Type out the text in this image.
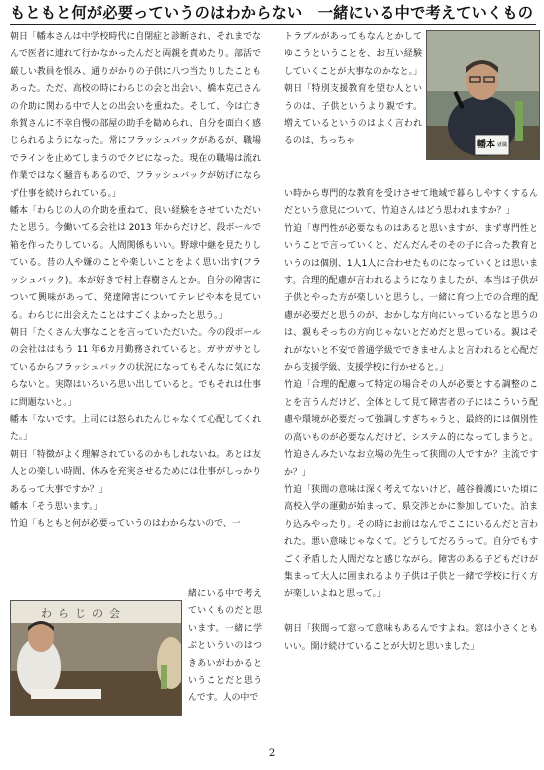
もともと何が必要っていうのはわからない　一緒にいる中で考えていくもの

朝日「幡本さんは中学校時代に自閉症と診断され、それまでなんで医者に連れて行かなかったんだと両親を責めたり。部活で厳しい教員を恨み、通りがかりの子供に八つ当たりしたこともあった。ただ、高校の時にわらじの会と出会い、橋本克己さんの介助に関わる中で人との出会いを重ねた。そして、今は亡き糸賀さんに不幸自慢の部屋の助手を勧められ、自分を面白く感じられるようになった。常にフラッシュバックがあるが、職場でラインを止めてしまうのでクビになった。現在の職場は流れ作業ではなく騒音もあるので、フラッシュバックが妨げにならず仕事を続けられている。」

幡本「わらじの人の介助を重ねて、良い経験をさせていただいたと思う。今働いてる会社は 2013 年からだけど、段ボールで箱を作ったりしている。人間関係もいい。野球中継を見たりしている。昔の人や嫌のことや楽しいことをよく思い出す(フラッシュバック)。本が好きで村上春樹さんとか。自分の障害について興味があって、発達障害についてテレビや本を見ている。わらじに出会えたことはすごくよかったと思う。」

朝日「たくさん大事なことを言っていただいた。今の段ボールの会社ははもう 11 年6カ月勤務されていると。ガサガサとしているからフラッシュバックの状況になってもそんなに気にならないと。実際はいろいろ思い出していると。でもそれは仕事に問題ないと。」

幡本「ないです。上司には怒られたんじゃなくて心配してくれた。」

朝日「特徴がよく理解されているのかもしれないね。あとは友人との楽しい時間、休みを充実させるためには仕事がしっかりあるって大事ですか？」

幡本「そう思います。」

竹迫「もともと何が必要っていうのはわからないので、一

緒にいる中で考えていくものだと思います。一緒に学ぶといういのはつきあいがわかるということだと思うんです。人の中で

トラブルがあってもなんとかしてゆこうということを、お互い経験していくことが大事なのかなと。」朝日「特別支援教育を望む人というのは、子供というより親です。増えているというのはよく言われるのは、ちっちゃ

い時から専門的な教育を受けさせて地域で暮らしやすくするんだという意見について、竹迫さんはどう思われますか？」

竹迫「専門性が必要なものはあると思いますが、まず専門性ということで言っていくと、だんだんそのその子に合った教育というのは個別、1人1人に合わせたものになっていくとは思います。合理的配慮が言われるようになりましたが、本当は子供が子供とやった方が楽しいと思うし、一緒に育つ上での合理的配慮が必要だと思うのが、おかしな方向にいっているなと思うのは、親もそっちの方向じゃないとだめだと思っている。親はそれがないと不安で普通学級でできませんよと言われると心配だから支援学級、支援学校に行かせると。」

竹迫「合理的配慮って特定の場合その人が必要とする調整のことを言うんだけど、全体として見て障害者の子にはこういう配慮や環境が必要だって強調しすぎちゃうと、最終的には個別性の高いものが必要なんだけど、システム的になってしまうと。竹迫さんみたいなお立場の先生って狭間の人ですか？主流ですか？」

竹迫「狭間の意味は深く考えてないけど、越谷養護にいた頃に高校入学の運動が始まって、県交渉とかに参加していた。泊まり込みやったり。その時にお前はなんでここにいるんだと言われた。悪い意味じゃなくて。どうしてだろうって。自分でもすごく矛盾した人間だなと感じながら。障害のある子どもだけが集まって大人に囲まれるより子供は子供と一緒で学校に行く方が楽しいよねと思って。」

朝日「狭間って窓って意味もあるんですよね。窓は小さくともいい。開け続けていることが大切と思いました」

幡本 就職
わらじの会
2
